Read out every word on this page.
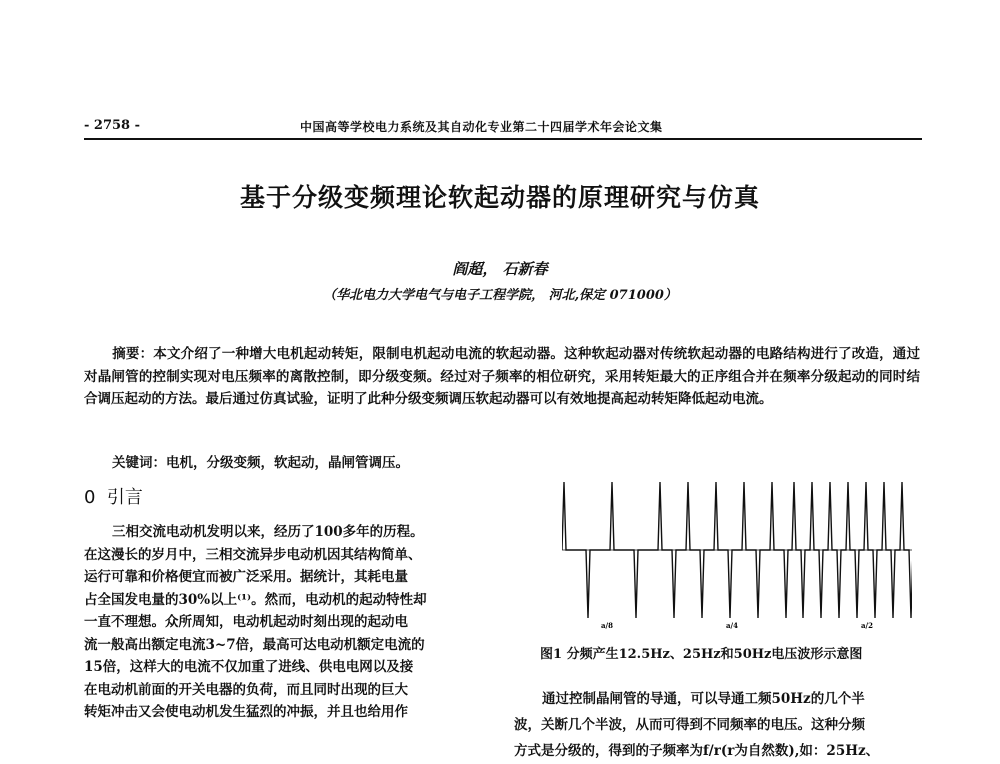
- 2758 -	中国高等学校电力系统及其自动化专业第二十四届学术年会论文集
基于分级变频理论软起动器的原理研究与仿真
阎超， 石新春
（华北电力大学电气与电子工程学院， 河北,保定 071000）
摘要：本文介绍了一种增大电机起动转矩，限制电机起动电流的软起动器。这种软起动器对传统软起动器的电路结构进行了改造，通过对晶闸管的控制实现对电压频率的离散控制，即分级变频。经过对子频率的相位研究，采用转矩最大的正序组合并在频率分级起动的同时结合调压起动的方法。最后通过仿真试验，证明了此种分级变频调压软起动器可以有效地提高起动转矩降低起动电流。
关键词：电机，分级变频，软起动，晶闸管调压。
0 引言
三相交流电动机发明以来，经历了100多年的历程。
在这漫长的岁月中，三相交流异步电动机因其结构简单、
运行可靠和价格便宜而被广泛采用。据统计，其耗电量
占全国发电量的30%以上⁽¹⁾。然而，电动机的起动特性却
一直不理想。众所周知，电动机起动时刻出现的起动电
流一般高出额定电流3~7倍，最高可达电动机额定电流的
15倍，这样大的电流不仅加重了进线、供电电网以及接
在电动机前面的开关电器的负荷，而且同时出现的巨大
转矩冲击又会使电动机发生猛烈的冲振，并且也给用作
a/8	a/4	a/2
图1 分频产生12.5Hz、25Hz和50Hz电压波形示意图
通过控制晶闸管的导通，可以导通工频50Hz的几个半
波，关断几个半波，从而可得到不同频率的电压。这种分频
方式是分级的，得到的子频率为f/r(r为自然数),如：25Hz、
